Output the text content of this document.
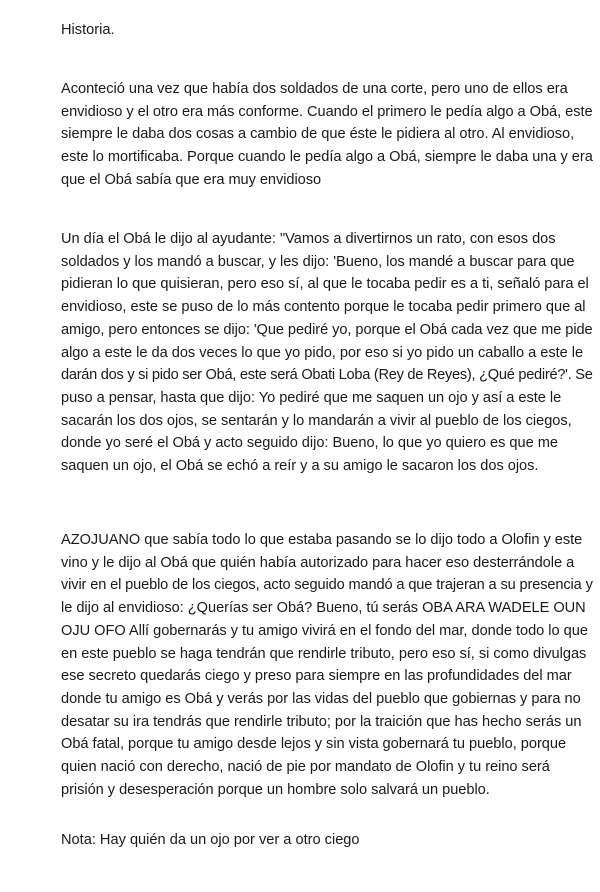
Historia.
Aconteció una vez que había dos soldados de una corte, pero uno de ellos era
envidioso y el otro era más conforme. Cuando el primero le pedía algo a Obá, este
siempre le daba dos cosas a cambio de que éste le pidiera al otro. Al envidioso,
este lo mortificaba. Porque cuando le pedía algo a Obá, siempre le daba una y era
que el Obá sabía que era muy envidioso
Un día el Obá le dijo al ayudante: "Vamos a divertirnos un rato, con esos dos
soldados y los mandó a buscar, y les dijo: 'Bueno, los mandé a buscar para que
pidieran lo que quisieran, pero eso sí, al que le tocaba pedir es a ti, señaló para el
envidioso, este se puso de lo más contento porque le tocaba pedir primero que al
amigo, pero entonces se dijo: 'Que pediré yo, porque el Obá cada vez que me pide
algo a este le da dos veces lo que yo pido, por eso si yo pido un caballo a este le
darán dos y si pido ser Obá, este será Obati Loba (Rey de Reyes), ¿Qué pediré?'. Se
puso a pensar, hasta que dijo: Yo pediré que me saquen un ojo y así a este le
sacarán los dos ojos, se sentarán y lo mandarán a vivir al pueblo de los ciegos,
donde yo seré el Obá y acto seguido dijo: Bueno, lo que yo quiero es que me
saquen un ojo, el Obá se echó a reír y a su amigo le sacaron los dos ojos.
AZOJUANO que sabía todo lo que estaba pasando se lo dijo todo a Olofin y este
vino y le dijo al Obá que quién había autorizado para hacer eso desterrándole a
vivir en el pueblo de los ciegos, acto seguido mandó a que trajeran a su presencia y
le dijo al envidioso: ¿Querías ser Obá? Bueno, tú serás OBA ARA WADELE OUN
OJU OFO Allí gobernarás y tu amigo vivirá en el fondo del mar, donde todo lo que
en este pueblo se haga tendrán que rendirle tributo, pero eso sí, si como divulgas
ese secreto quedarás ciego y preso para siempre en las profundidades del mar
donde tu amigo es Obá y verás por las vidas del pueblo que gobiernas y para no
desatar su ira tendrás que rendirle tributo; por la traición que has hecho serás un
Obá fatal, porque tu amigo desde lejos y sin vista gobernará tu pueblo, porque
quien nació con derecho, nació de pie por mandato de Olofin y tu reino será
prisión y desesperación porque un hombre solo salvará un pueblo.
Nota: Hay quién da un ojo por ver a otro ciego
